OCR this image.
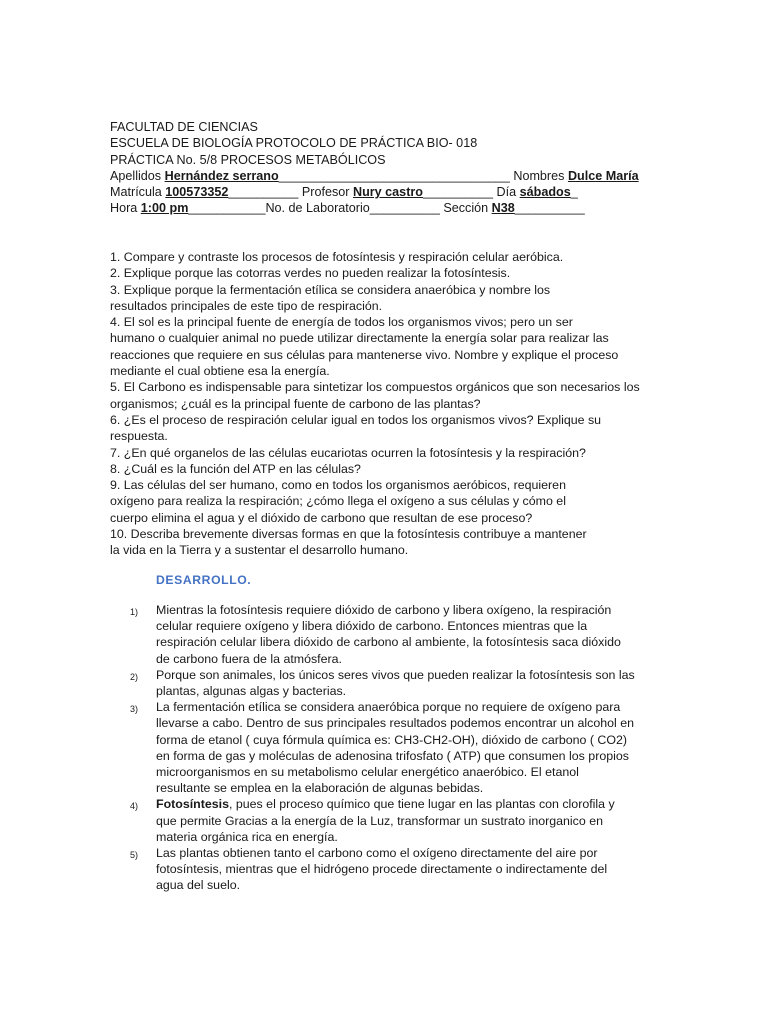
FACULTAD DE CIENCIAS
ESCUELA DE BIOLOGÍA PROTOCOLO DE PRÁCTICA BIO- 018
PRÁCTICA No. 5/8 PROCESOS METABÓLICOS
Apellidos Hernández serrano_________________________________ Nombres Dulce María
Matrícula 100573352__________ Profesor Nury castro__________ Día sábados_
Hora 1:00 pm___________No. de Laboratorio__________ Sección N38__________
1. Compare y contraste los procesos de fotosíntesis y respiración celular aeróbica.
2. Explique porque las cotorras verdes no pueden realizar la fotosíntesis.
3. Explique porque la fermentación etílica se considera anaeróbica y nombre los
resultados principales de este tipo de respiración.
4. El sol es la principal fuente de energía de todos los organismos vivos; pero un ser
humano o cualquier animal no puede utilizar directamente la energía solar para realizar las
reacciones que requiere en sus células para mantenerse vivo. Nombre y explique el proceso
mediante el cual obtiene esa la energía.
5. El Carbono es indispensable para sintetizar los compuestos orgánicos que son necesarios los
organismos; ¿cuál es la principal fuente de carbono de las plantas?
6. ¿Es el proceso de respiración celular igual en todos los organismos vivos? Explique su
respuesta.
7. ¿En qué organelos de las células eucariotas ocurren la fotosíntesis y la respiración?
8. ¿Cuál es la función del ATP en las células?
9. Las células del ser humano, como en todos los organismos aeróbicos, requieren
oxígeno para realiza la respiración; ¿cómo llega el oxígeno a sus células y cómo el
cuerpo elimina el agua y el dióxido de carbono que resultan de ese proceso?
10. Describa brevemente diversas formas en que la fotosíntesis contribuye a mantener
la vida en la Tierra y a sustentar el desarrollo humano.
DESARROLLO.
1)	Mientras la fotosíntesis requiere dióxido de carbono y libera oxígeno, la respiración
celular requiere oxígeno y libera dióxido de carbono. Entonces mientras que la
respiración celular libera dióxido de carbono al ambiente, la fotosíntesis saca dióxido
de carbono fuera de la atmósfera.
2)	Porque son animales, los únicos seres vivos que pueden realizar la fotosíntesis son las
plantas, algunas algas y bacterias.
3)	La fermentación etílica se considera anaeróbica porque no requiere de oxígeno para
llevarse a cabo. Dentro de sus principales resultados podemos encontrar un alcohol en
forma de etanol ( cuya fórmula química es: CH3-CH2-OH), dióxido de carbono ( CO2)
en forma de gas y moléculas de adenosina trifosfato ( ATP) que consumen los propios
microorganismos en su metabolismo celular energético anaeróbico. El etanol
resultante se emplea en la elaboración de algunas bebidas.
4)	Fotosíntesis, pues el proceso químico que tiene lugar en las plantas con clorofila y
que permite Gracias a la energía de la Luz, transformar un sustrato inorganico en
materia orgánica rica en energía.
5)	Las plantas obtienen tanto el carbono como el oxígeno directamente del aire por
fotosíntesis, mientras que el hidrógeno procede directamente o indirectamente del
agua del suelo.
